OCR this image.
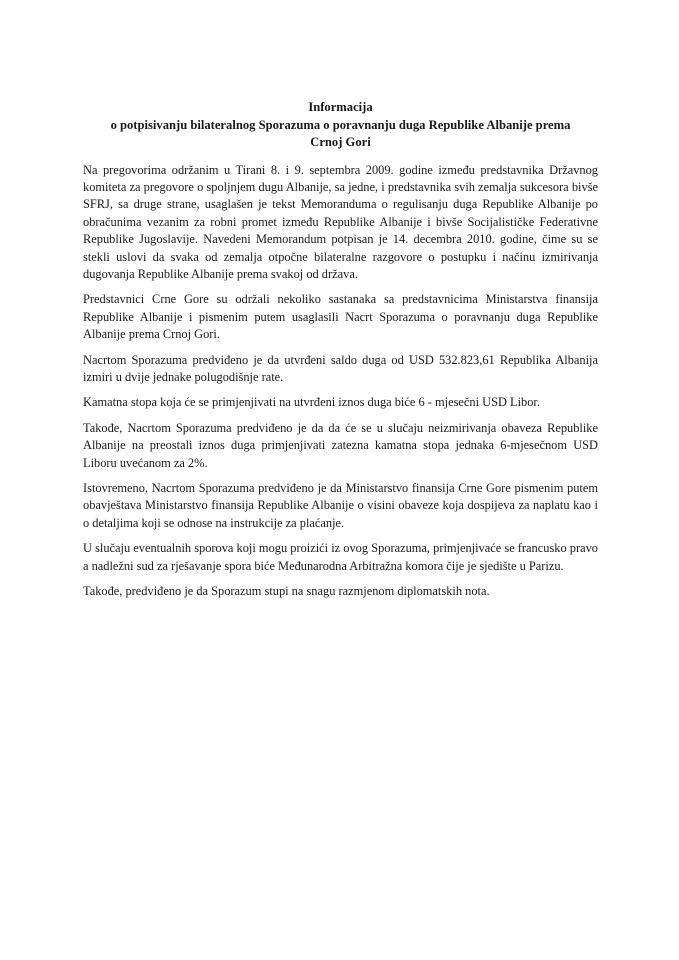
Informacija

o potpisivanju bilateralnog Sporazuma o poravnanju duga Republike Albanije prema

Crnoj Gori

Na pregovorima održanim u Tirani 8. i 9. septembra 2009. godine između predstavnika Državnog komiteta za pregovore o spoljnjem dugu Albanije, sa jedne, i predstavnika svih zemalja sukcesora bivše SFRJ, sa druge strane, usaglašen je tekst Memoranduma o regulisanju duga Republike Albanije po obračunima vezanim za robni promet između Republike Albanije i bivše Socijalističke Federativne Republike Jugoslavije. Navedeni Memorandum potpisan je 14. decembra 2010. godine, čime su se stekli uslovi da svaka od zemalja otpočne bilateralne razgovore o postupku i načinu izmirivanja dugovanja Republike Albanije prema svakoj od država.

Predstavnici Crne Gore su održali nekoliko sastanaka sa predstavnicima Ministarstva finansija Republike Albanije i pismenim putem usaglasili Nacrt Sporazuma o poravnanju duga Republike Albanije prema Crnoj Gori.

Nacrtom Sporazuma predviđeno je da utvrđeni saldo duga od USD 532.823,61 Republika Albanija izmiri u dvije jednake polugodišnje rate.

Kamatna stopa koja će se primjenjivati na utvrđeni iznos duga biće 6 - mjesečni USD Libor.

Takođe, Nacrtom Sporazuma predviđeno je da da će se u slučaju neizmirivanja obaveza Republike Albanije na preostali iznos duga primjenjivati zatezna kamatna stopa jednaka 6-mjesečnom USD Liboru uvećanom za 2%.

Istovremeno, Nacrtom Sporazuma predviđeno je da Ministarstvo finansija Crne Gore pismenim putem obavještava Ministarstvo finansija Republike Albanije o visini obaveze koja dospijeva za naplatu kao i o detaljima koji se odnose na instrukcije za plaćanje.

U slučaju eventualnih sporova koji mogu proizići iz ovog Sporazuma, primjenjivaće se francusko pravo a nadležni sud za rješavanje spora biće Međunarodna Arbitražna komora čije je sjedište u Parizu.

Takođe, predviđeno je da Sporazum stupi na snagu razmjenom diplomatskih nota.
